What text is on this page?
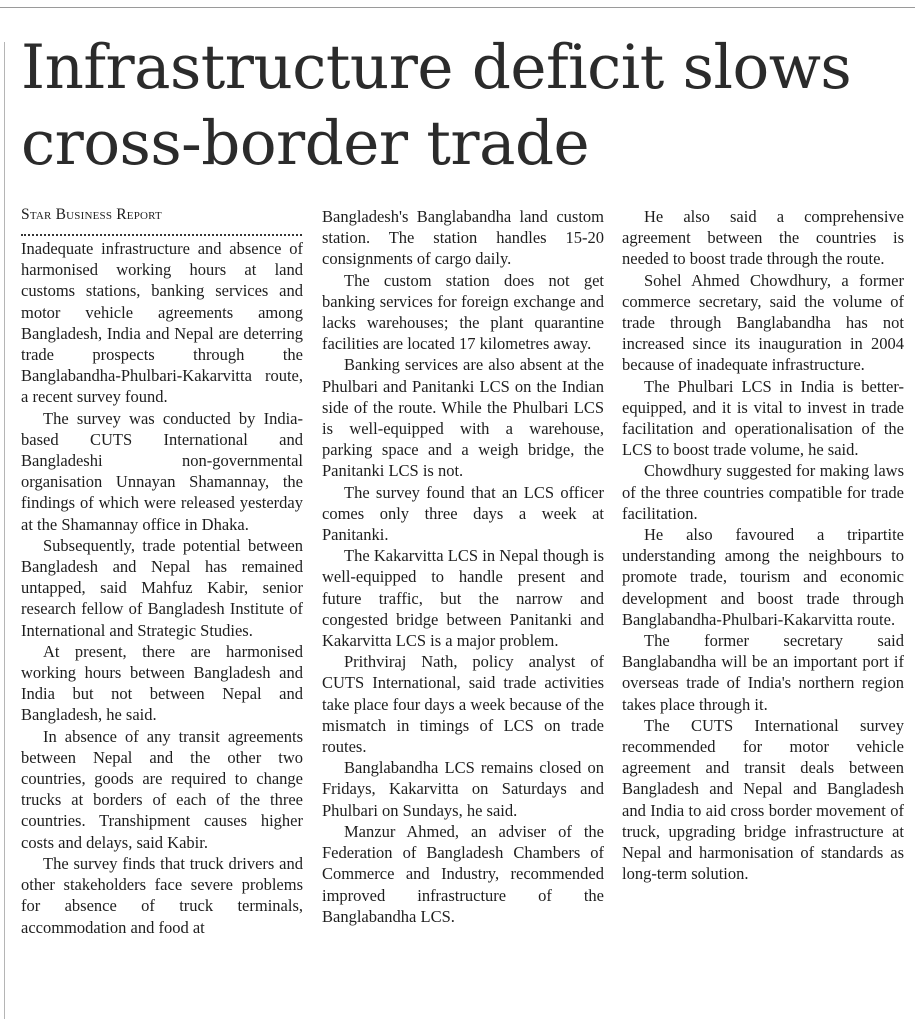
Infrastructure deficit slows
cross-border trade
Star Business Report

Inadequate infrastructure and absence of harmonised working hours at land customs stations, banking services and motor vehicle agreements among Bangladesh, India and Nepal are deterring trade prospects through the Banglabandha-Phulbari-Kakarvitta route, a recent survey found.

The survey was conducted by India-based CUTS International and Bangladeshi non-governmental organisation Unnayan Shamannay, the findings of which were released yesterday at the Shamannay office in Dhaka.

Subsequently, trade potential between Bangladesh and Nepal has remained untapped, said Mahfuz Kabir, senior research fellow of Bangladesh Institute of International and Strategic Studies.

At present, there are harmonised working hours between Bangladesh and India but not between Nepal and Bangladesh, he said.

In absence of any transit agreements between Nepal and the other two countries, goods are required to change trucks at borders of each of the three countries. Transhipment causes higher costs and delays, said Kabir.

The survey finds that truck drivers and other stakeholders face severe problems for absence of truck terminals, accommodation and food at

Bangladesh's Banglabandha land custom station. The station handles 15-20 consignments of cargo daily.

The custom station does not get banking services for foreign exchange and lacks warehouses; the plant quarantine facilities are located 17 kilometres away.

Banking services are also absent at the Phulbari and Panitanki LCS on the Indian side of the route. While the Phulbari LCS is well-equipped with a warehouse, parking space and a weigh bridge, the Panitanki LCS is not.

The survey found that an LCS officer comes only three days a week at Panitanki.

The Kakarvitta LCS in Nepal though is well-equipped to handle present and future traffic, but the narrow and congested bridge between Panitanki and Kakarvitta LCS is a major problem.

Prithviraj Nath, policy analyst of CUTS International, said trade activities take place four days a week because of the mismatch in timings of LCS on trade routes.

Banglabandha LCS remains closed on Fridays, Kakarvitta on Saturdays and Phulbari on Sundays, he said.

Manzur Ahmed, an adviser of the Federation of Bangladesh Chambers of Commerce and Industry, recommended improved infrastructure of the Banglabandha LCS.

He also said a comprehensive agreement between the countries is needed to boost trade through the route.

Sohel Ahmed Chowdhury, a former commerce secretary, said the volume of trade through Banglabandha has not increased since its inauguration in 2004 because of inadequate infrastructure.

The Phulbari LCS in India is better-equipped, and it is vital to invest in trade facilitation and operationalisation of the LCS to boost trade volume, he said.

Chowdhury suggested for making laws of the three countries compatible for trade facilitation.

He also favoured a tripartite understanding among the neighbours to promote trade, tourism and economic development and boost trade through Banglabandha-Phulbari-Kakarvitta route.

The former secretary said Banglabandha will be an important port if overseas trade of India's northern region takes place through it.

The CUTS International survey recommended for motor vehicle agreement and transit deals between Bangladesh and Nepal and Bangladesh and India to aid cross border movement of truck, upgrading bridge infrastructure at Nepal and harmonisation of standards as long-term solution.
